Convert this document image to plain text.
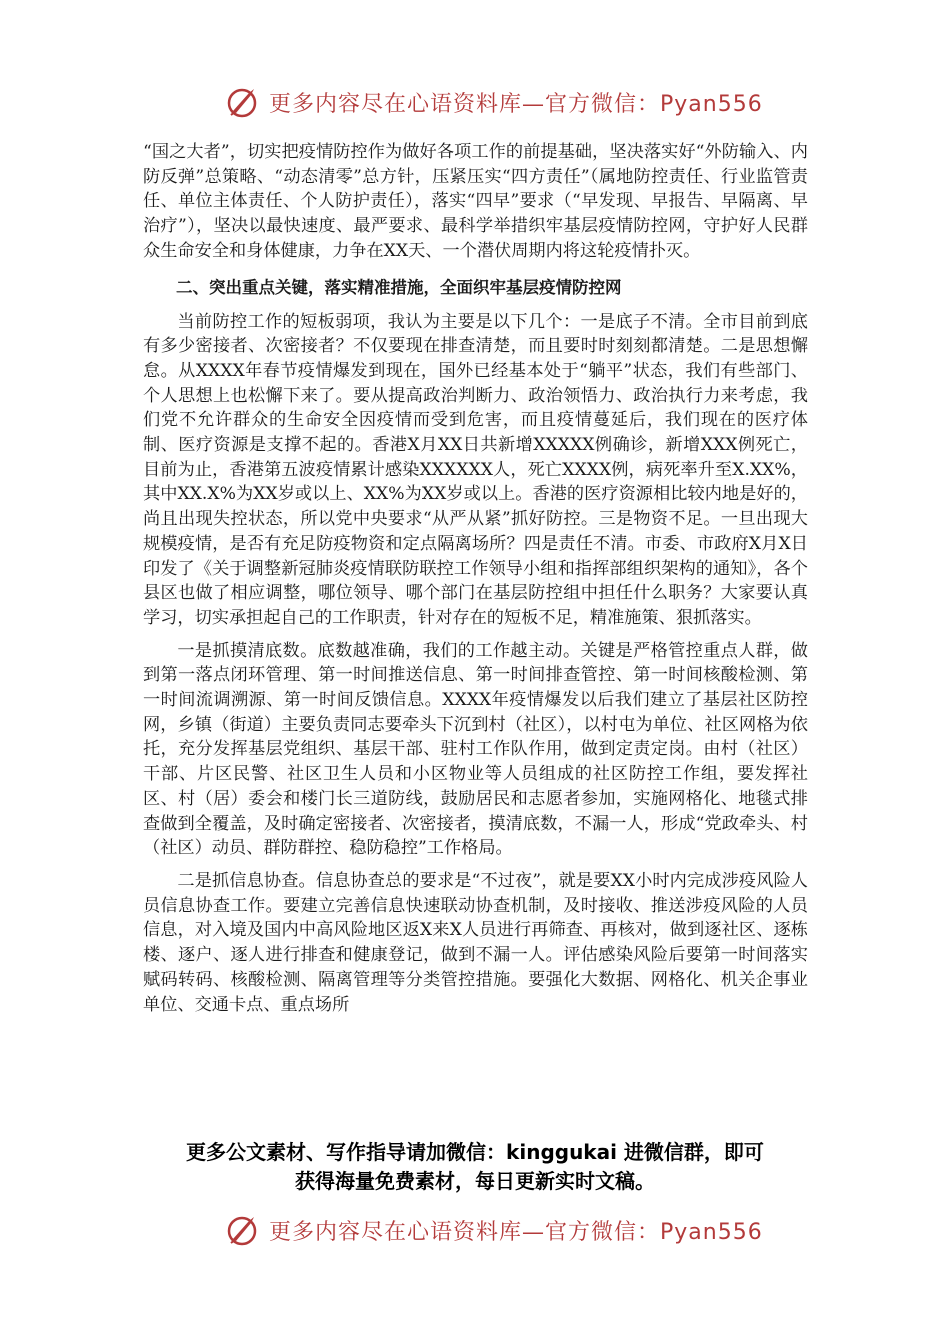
更多内容尽在心语资料库—官方微信：Pyan556

“国之大者”，切实把疫情防控作为做好各项工作的前提基础，坚决落实好“外防输入、内防反弹”总策略、“动态清零”总方针，压紧压实“四方责任”（属地防控责任、行业监管责任、单位主体责任、个人防护责任），落实“四早”要求（“早发现、早报告、早隔离、早治疗”），坚决以最快速度、最严要求、最科学举措织牢基层疫情防控网，守护好人民群众生命安全和身体健康，力争在XX天、一个潜伏周期内将这轮疫情扑灭。

二、突出重点关键，落实精准措施，全面织牢基层疫情防控网

当前防控工作的短板弱项，我认为主要是以下几个：一是底子不清。全市目前到底有多少密接者、次密接者？不仅要现在排查清楚，而且要时时刻刻都清楚。二是思想懈怠。从XXXX年春节疫情爆发到现在，国外已经基本处于“躺平”状态，我们有些部门、个人思想上也松懈下来了。要从提高政治判断力、政治领悟力、政治执行力来考虑，我们党不允许群众的生命安全因疫情而受到危害，而且疫情蔓延后，我们现在的医疗体制、医疗资源是支撑不起的。香港X月XX日共新增XXXXX例确诊，新增XXX例死亡，目前为止，香港第五波疫情累计感染XXXXXX人，死亡XXXX例，病死率升至X.XX%，其中XX.X%为XX岁或以上、XX%为XX岁或以上。香港的医疗资源相比较内地是好的，尚且出现失控状态，所以党中央要求“从严从紧”抓好防控。三是物资不足。一旦出现大规模疫情，是否有充足防疫物资和定点隔离场所？四是责任不清。市委、市政府X月X日印发了《关于调整新冠肺炎疫情联防联控工作领导小组和指挥部组织架构的通知》，各个县区也做了相应调整，哪位领导、哪个部门在基层防控组中担任什么职务？大家要认真学习，切实承担起自己的工作职责，针对存在的短板不足，精准施策、狠抓落实。

一是抓摸清底数。底数越准确，我们的工作越主动。关键是严格管控重点人群，做到第一落点闭环管理、第一时间推送信息、第一时间排查管控、第一时间核酸检测、第一时间流调溯源、第一时间反馈信息。XXXX年疫情爆发以后我们建立了基层社区防控网，乡镇（街道）主要负责同志要牵头下沉到村（社区），以村屯为单位、社区网格为依托，充分发挥基层党组织、基层干部、驻村工作队作用，做到定责定岗。由村（社区）干部、片区民警、社区卫生人员和小区物业等人员组成的社区防控工作组，要发挥社区、村（居）委会和楼门长三道防线，鼓励居民和志愿者参加，实施网格化、地毯式排查做到全覆盖，及时确定密接者、次密接者，摸清底数，不漏一人，形成“党政牵头、村（社区）动员、群防群控、稳防稳控”工作格局。

二是抓信息协查。信息协查总的要求是“不过夜”，就是要XX小时内完成涉疫风险人员信息协查工作。要建立完善信息快速联动协查机制，及时接收、推送涉疫风险的人员信息，对入境及国内中高风险地区返X来X人员进行再筛查、再核对，做到逐社区、逐栋楼、逐户、逐人进行排查和健康登记，做到不漏一人。评估感染风险后要第一时间落实赋码转码、核酸检测、隔离管理等分类管控措施。要强化大数据、网格化、机关企事业单位、交通卡点、重点场所

更多公文素材、写作指导请加微信：kinggukai 进微信群，即可
获得海量免费素材，每日更新实时文稿。
更多内容尽在心语资料库—官方微信：Pyan556
